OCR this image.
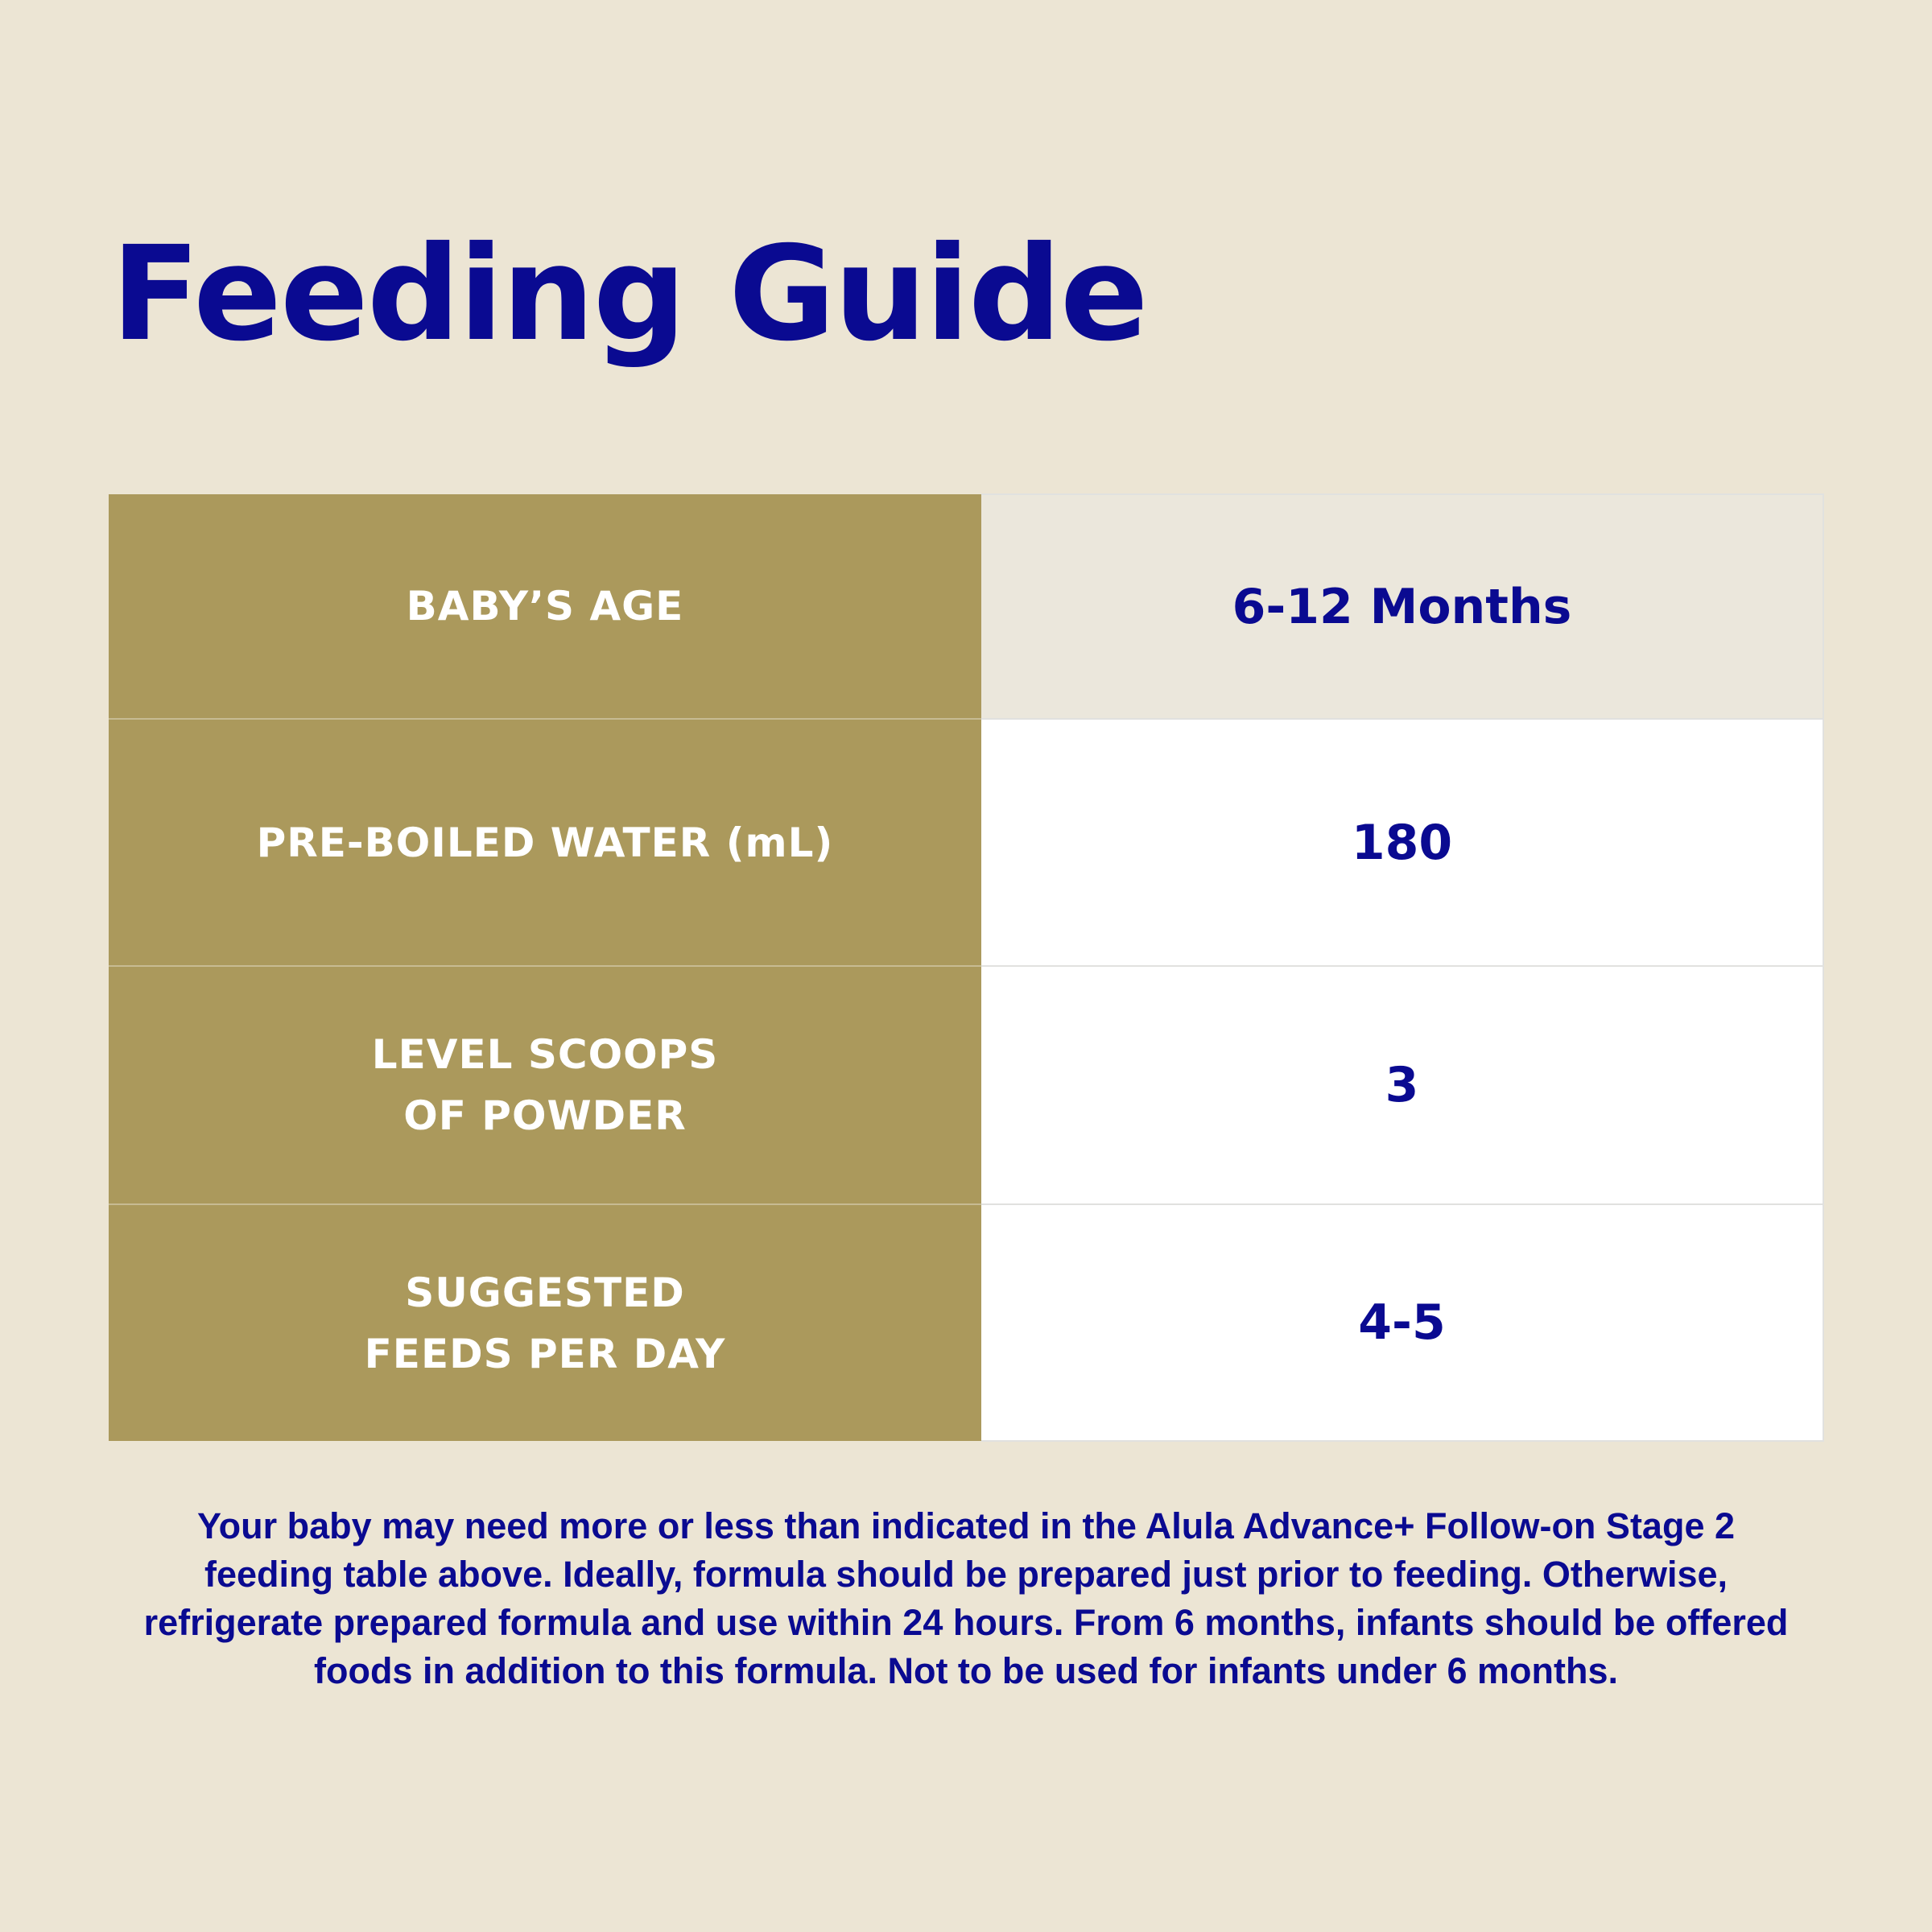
Feeding Guide
BABY’S AGE	6-12 Months

PRE-BOILED WATER (mL)	180

LEVEL SCOOPS
OF POWDER	3

SUGGESTED
FEEDS PER DAY	4-5

Your baby may need more or less than indicated in the Alula Advance+ Follow-on Stage 2 feeding table above. Ideally, formula should be prepared just prior to feeding. Otherwise, refrigerate prepared formula and use within 24 hours. From 6 months, infants should be offered foods in addition to this formula. Not to be used for infants under 6 months.
